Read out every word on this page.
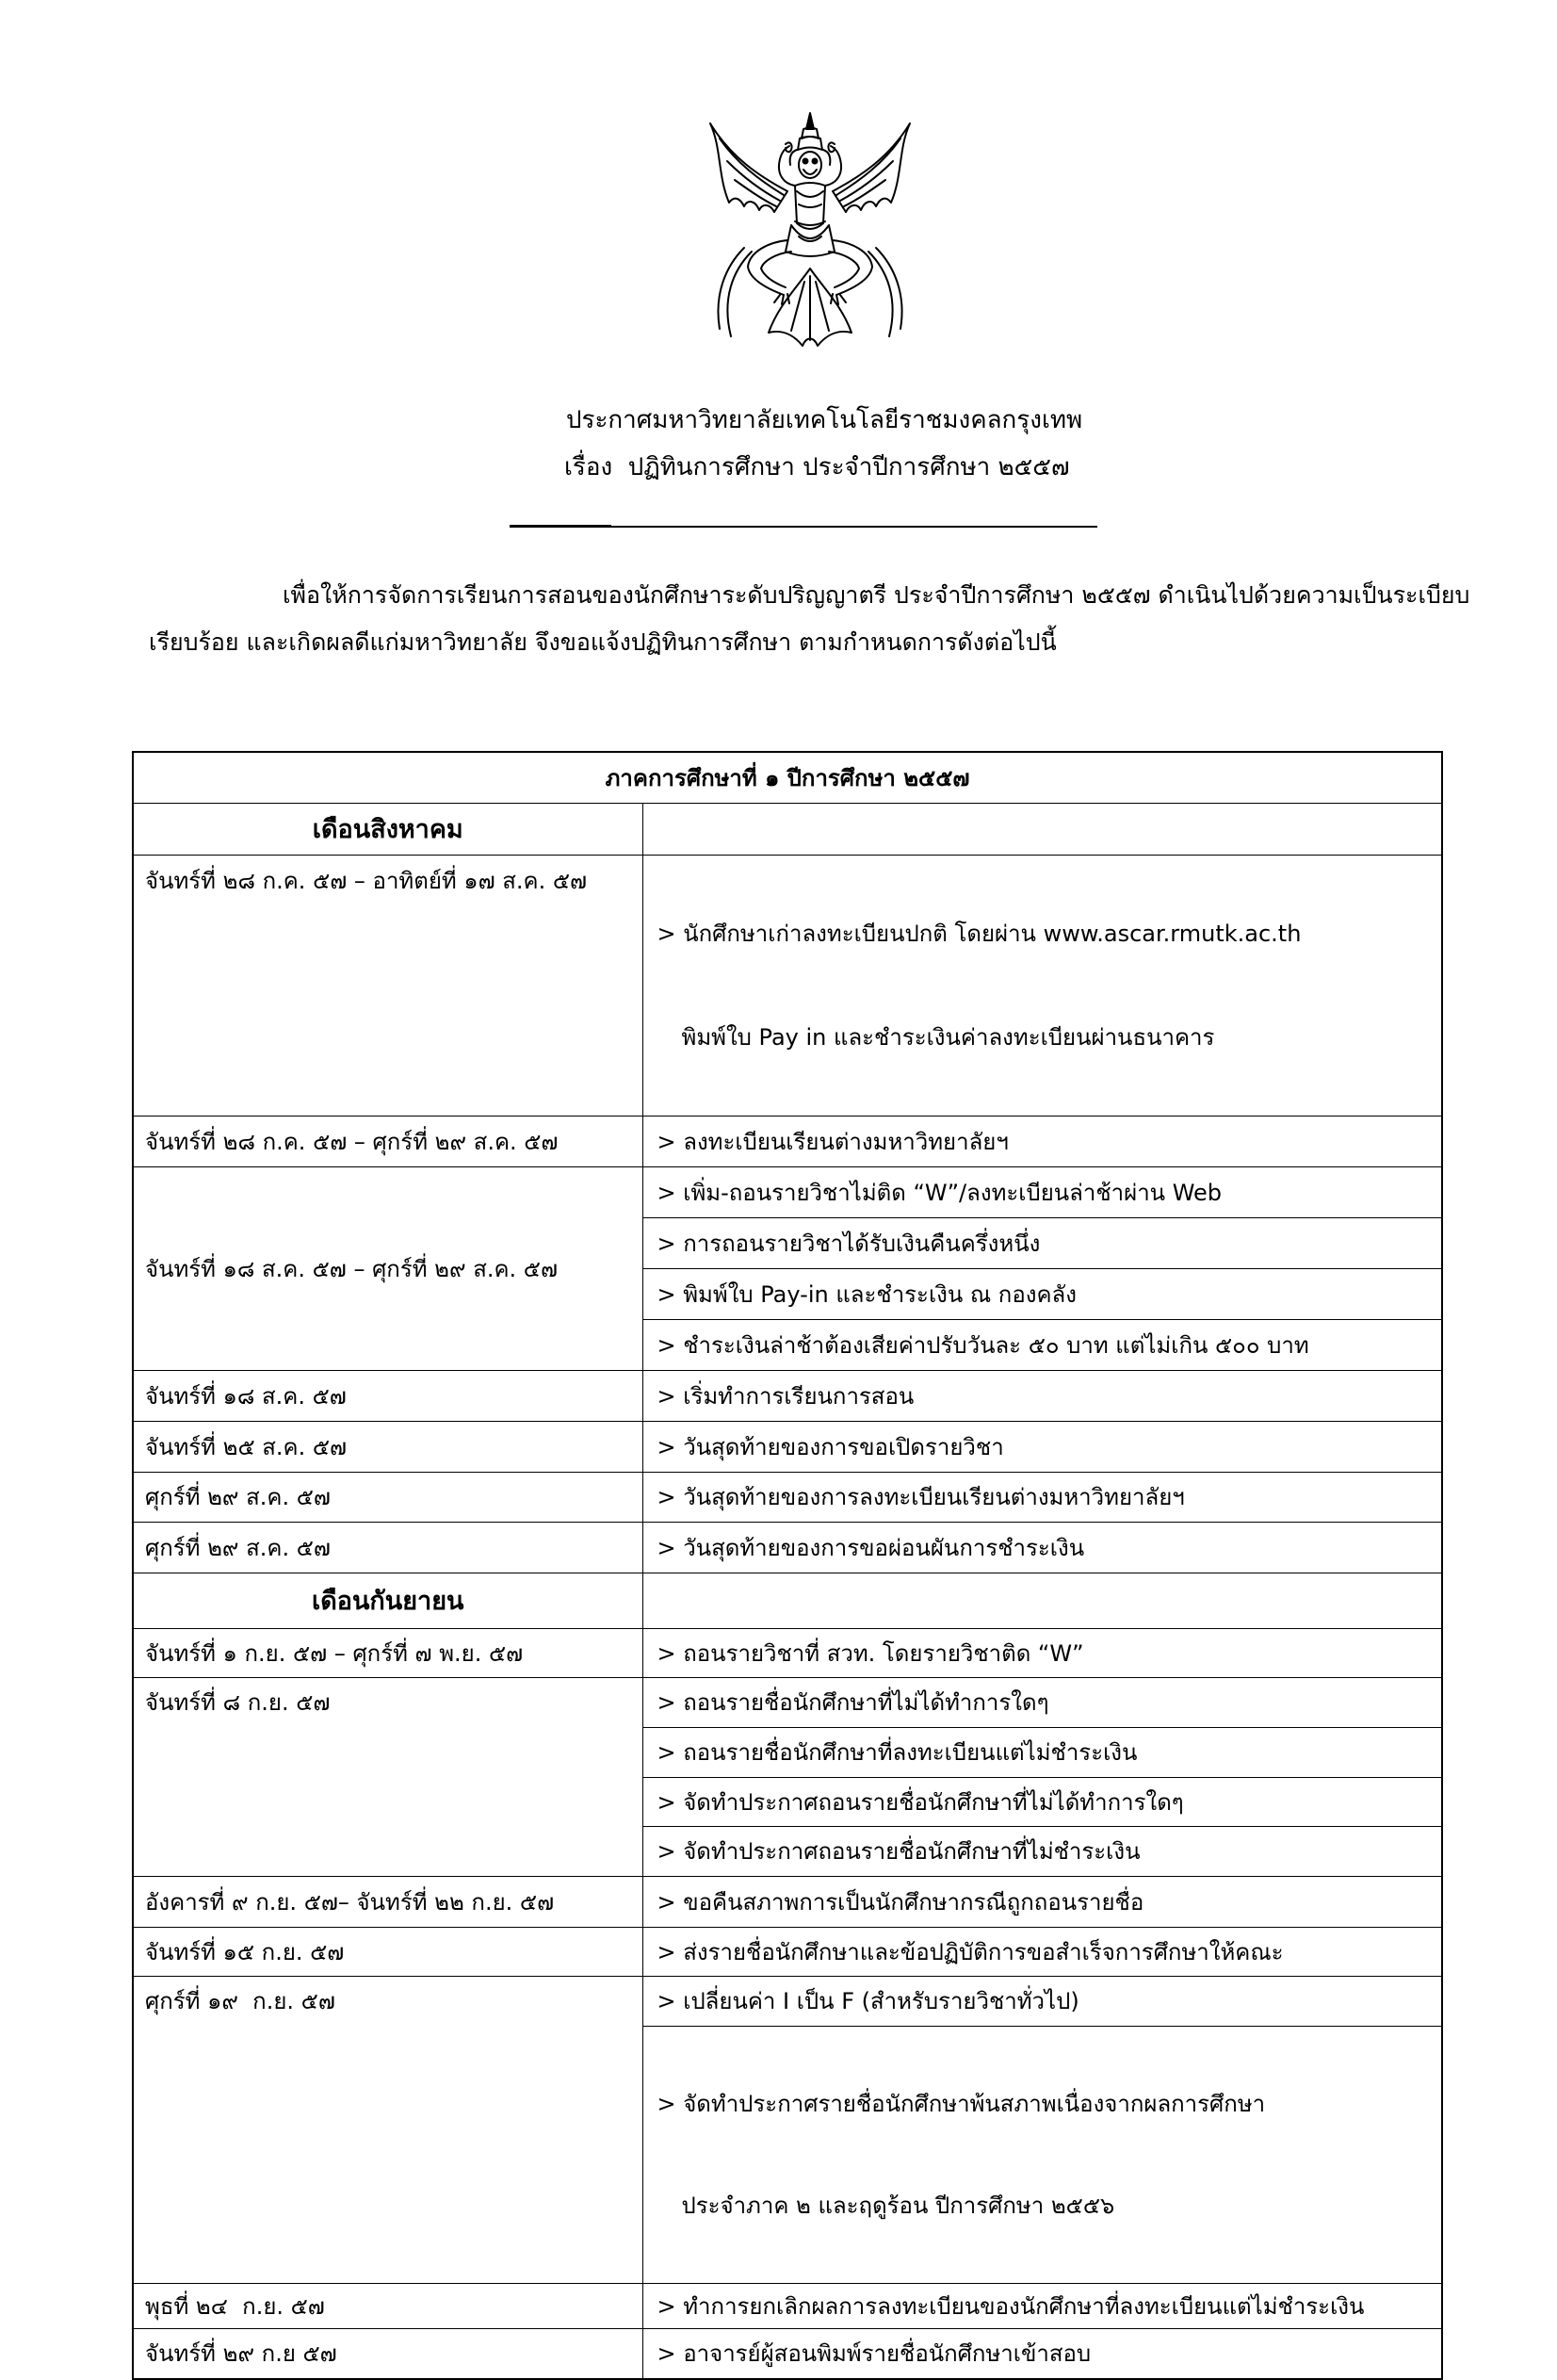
ประกาศมหาวิทยาลัยเทคโนโลยีราชมงคลกรุงเทพ
เรื่อง  ปฏิทินการศึกษา ประจำปีการศึกษา ๒๕๕๗
เพื่อให้การจัดการเรียนการสอนของนักศึกษาระดับปริญญาตรี ประจำปีการศึกษา ๒๕๕๗ ดำเนินไปด้วยความเป็นระเบียบ
เรียบร้อย และเกิดผลดีแก่มหาวิทยาลัย จึงขอแจ้งปฏิทินการศึกษา ตามกำหนดการดังต่อไปนี้
ภาคการศึกษาที่ ๑ ปีการศึกษา ๒๕๕๗	
เดือนสิงหาคม	
จันทร์ที่ ๒๘ ก.ค. ๕๗ – อาทิตย์ที่ ๑๗ ส.ค. ๕๗	> นักศึกษาเก่าลงทะเบียนปกติ โดยผ่าน www.ascar.rmutk.ac.th

พิมพ์ใบ Pay in และชำระเงินค่าลงทะเบียนผ่านธนาคาร

จันทร์ที่ ๒๘ ก.ค. ๕๗ – ศุกร์ที่ ๒๙ ส.ค. ๕๗	> ลงทะเบียนเรียนต่างมหาวิทยาลัยฯ
จันทร์ที่ ๑๘ ส.ค. ๕๗ – ศุกร์ที่ ๒๙ ส.ค. ๕๗	> เพิ่ม-ถอนรายวิชาไม่ติด “W”/ลงทะเบียนล่าช้าผ่าน Web
	> การถอนรายวิชาได้รับเงินคืนครึ่งหนึ่ง
	> พิมพ์ใบ Pay-in และชำระเงิน ณ กองคลัง
	> ชำระเงินล่าช้าต้องเสียค่าปรับวันละ ๕๐ บาท แต่ไม่เกิน ๕๐๐ บาท
จันทร์ที่ ๑๘ ส.ค. ๕๗	> เริ่มทำการเรียนการสอน
จันทร์ที่ ๒๕ ส.ค. ๕๗	> วันสุดท้ายของการขอเปิดรายวิชา
ศุกร์ที่ ๒๙ ส.ค. ๕๗	> วันสุดท้ายของการลงทะเบียนเรียนต่างมหาวิทยาลัยฯ
ศุกร์ที่ ๒๙ ส.ค. ๕๗	> วันสุดท้ายของการขอผ่อนผันการชำระเงิน
เดือนกันยายน	
จันทร์ที่ ๑ ก.ย. ๕๗ – ศุกร์ที่ ๗ พ.ย. ๕๗	> ถอนรายวิชาที่ สวท. โดยรายวิชาติด “W”
จันทร์ที่ ๘ ก.ย. ๕๗	> ถอนรายชื่อนักศึกษาที่ไม่ได้ทำการใดๆ
	> ถอนรายชื่อนักศึกษาที่ลงทะเบียนแต่ไม่ชำระเงิน
	> จัดทำประกาศถอนรายชื่อนักศึกษาที่ไม่ได้ทำการใดๆ
	> จัดทำประกาศถอนรายชื่อนักศึกษาที่ไม่ชำระเงิน
อังคารที่ ๙ ก.ย. ๕๗– จันทร์ที่ ๒๒ ก.ย. ๕๗	> ขอคืนสภาพการเป็นนักศึกษากรณีถูกถอนรายชื่อ
จันทร์ที่ ๑๕ ก.ย. ๕๗	> ส่งรายชื่อนักศึกษาและข้อปฏิบัติการขอสำเร็จการศึกษาให้คณะ
ศุกร์ที่ ๑๙  ก.ย. ๕๗	> เปลี่ยนค่า I เป็น F (สำหรับรายวิชาทั่วไป)

	> จัดทำประกาศรายชื่อนักศึกษาพ้นสภาพเนื่องจากผลการศึกษา

ประจำภาค ๒ และฤดูร้อน ปีการศึกษา ๒๕๕๖

พุธที่ ๒๔  ก.ย. ๕๗	> ทำการยกเลิกผลการลงทะเบียนของนักศึกษาที่ลงทะเบียนแต่ไม่ชำระเงิน
จันทร์ที่ ๒๙ ก.ย ๕๗	> อาจารย์ผู้สอนพิมพ์รายชื่อนักศึกษาเข้าสอบ
